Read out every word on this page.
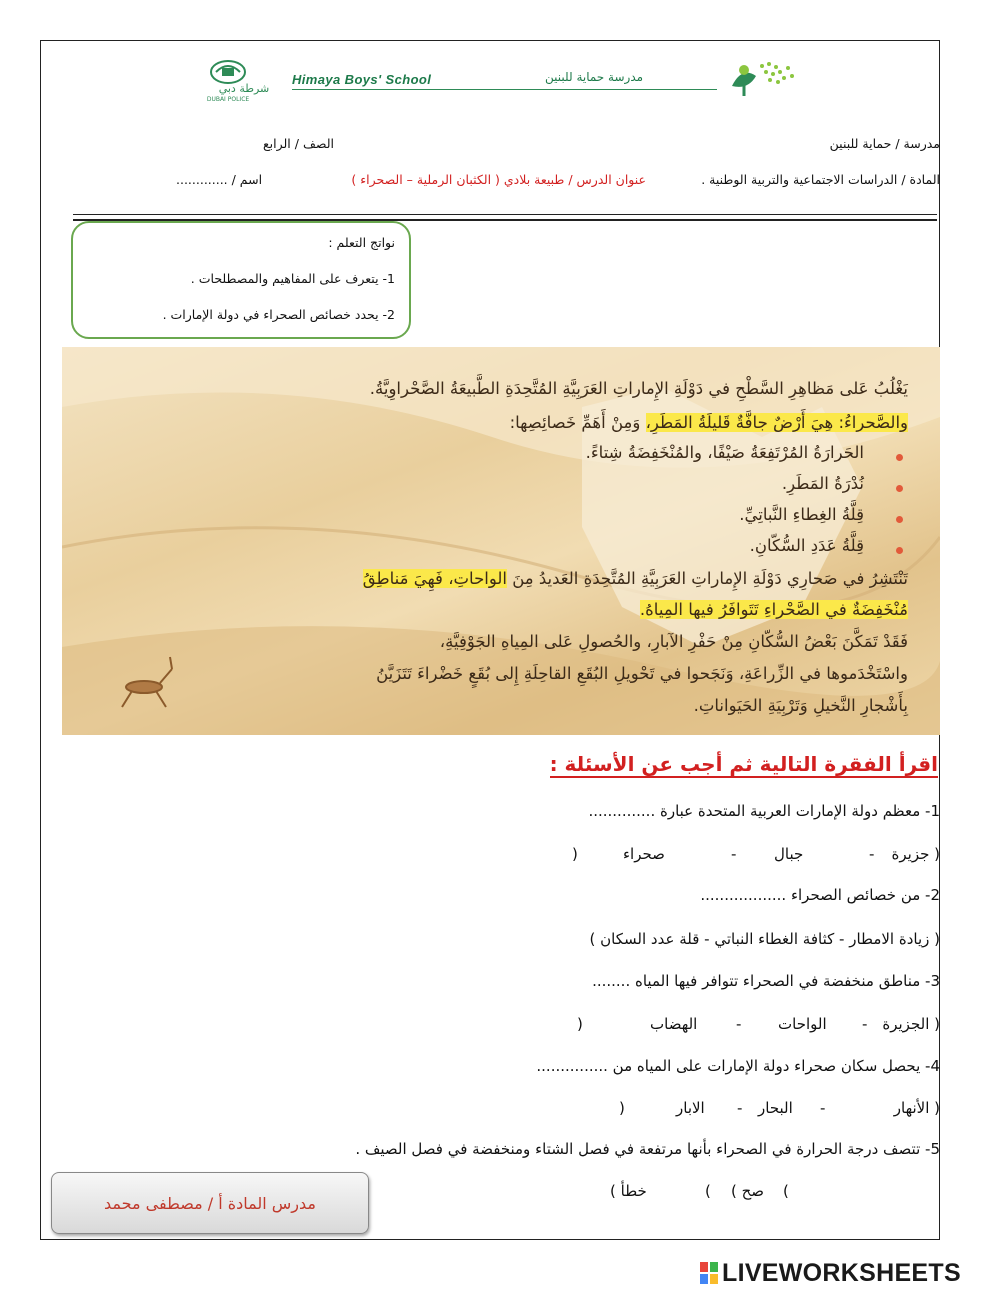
شرطة دبي
DUBAI POLICE
Himaya Boys' School	مدرسة حماية للبنين
مدرسة / حماية للبنين
الصف / الرابع
المادة / الدراسات الاجتماعية والتربية الوطنية .
عنوان الدرس / طبيعة بلادي ( الكثبان الرملية – الصحراء )
اسم / .............
نواتج التعلم :
1- يتعرف على المفاهيم والمصطلحات .
2- يحدد خصائص الصحراء في دولة الإمارات .
يَغْلُبُ عَلى مَظاهِرِ السَّطْحِ في دَوْلَةِ الإِماراتِ العَرَبِيَّةِ المُتَّحِدَةِ الطَّبيعَةُ الصَّحْراوِيَّةُ.
والصَّحراءُ: هِيَ أَرْضٌ جافَّةٌ قَليلَةُ المَطَرِ، وَمِنْ أَهَمِّ خَصائِصِها:
الحَرارَةُ المُرْتَفِعَةُ صَيْفًا، والمُنْخَفِضَةُ شِتاءً.
نُدْرَةُ المَطَرِ.
قِلَّةُ الغِطاءِ النَّباتِيِّ.
قِلَّةُ عَدَدِ السُّكّانِ.
تَنْتَشِرُ في صَحارِي دَوْلَةِ الإِماراتِ العَرَبِيَّةِ المُتَّحِدَةِ العَديدُ مِنَ الواحاتِ، فَهِيَ مَناطِقُ
مُنْخَفِضَةٌ في الصَّحْراءِ تَتَوافَرُ فيها المِياهُ.
فَقَدْ تَمَكَّنَ بَعْضُ السُّكّانِ مِنْ حَفْرِ الآبارِ، والحُصولِ عَلى المِياهِ الجَوْفِيَّةِ،
واسْتَخْدَموها في الزِّراعَةِ، وَنَجَحوا في تَحْويلِ البُقَعِ القاحِلَةِ إِلى بُقَعٍ خَضْراءَ تَتَزَيَّنُ
بِأَشْجارِ النَّخيلِ وَتَرْبِيَةِ الحَيَواناتِ.
اقرأ الفقرة التالية ثم أجب عن الأسئلة :
1- معظم دولة الإمارات العربية المتحدة عبارة ..............
( جزيرة
-
جبال
-
صحراء
)
2- من خصائص الصحراء ..................
( زيادة الامطار - كثافة الغطاء النباتي - قلة عدد السكان )
3- مناطق منخفضة في الصحراء تتوافر فيها المياه ........
( الجزيرة
-
الواحات
-
الهضاب
)
4- يحصل سكان صحراء دولة الإمارات على المياه من ...............
( الأنهار
-
البحار
-
الابار
)
5- تتصف درجة الحرارة في الصحراء بأنها مرتفعة في فصل الشتاء ومنخفضة في فصل الصيف .
(
صح )
(
خطأ )
مدرس المادة أ / مصطفى محمد
LIVEWORKSHEETS
